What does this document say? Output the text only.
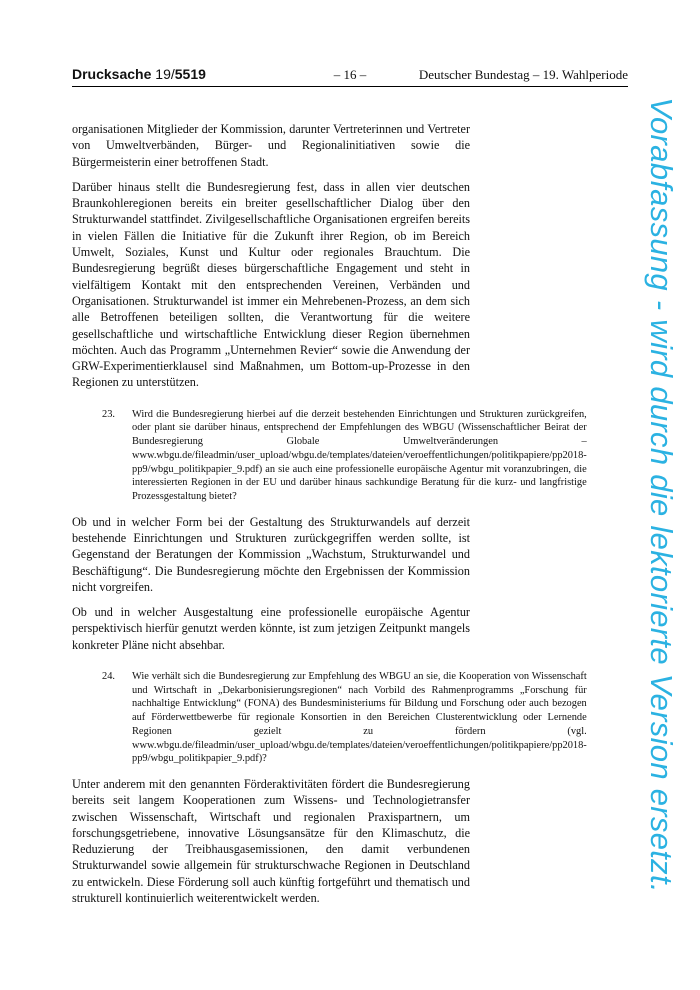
Drucksache 19/5519	– 16 –	Deutscher Bundestag – 19. Wahlperiode

organisationen Mitglieder der Kommission, darunter Vertreterinnen und Vertreter von Umweltverbänden, Bürger- und Regionalinitiativen sowie die Bürgermeisterin einer betroffenen Stadt.

Darüber hinaus stellt die Bundesregierung fest, dass in allen vier deutschen Braunkohleregionen bereits ein breiter gesellschaftlicher Dialog über den Strukturwandel stattfindet. Zivilgesellschaftliche Organisationen ergreifen bereits in vielen Fällen die Initiative für die Zukunft ihrer Region, ob im Bereich Umwelt, Soziales, Kunst und Kultur oder regionales Brauchtum. Die Bundesregierung begrüßt dieses bürgerschaftliche Engagement und steht in vielfältigem Kontakt mit den entsprechenden Vereinen, Verbänden und Organisationen. Strukturwandel ist immer ein Mehrebenen-Prozess, an dem sich alle Betroffenen beteiligen sollten, die Verantwortung für die weitere gesellschaftliche und wirtschaftliche Entwicklung dieser Region übernehmen möchten. Auch das Programm „Unternehmen Revier“ sowie die Anwendung der GRW-Experimentierklausel sind Maßnahmen, um Bottom-up-Prozesse in den Regionen zu unterstützen.

23.	Wird die Bundesregierung hierbei auf die derzeit bestehenden Einrichtungen und Strukturen zurückgreifen, oder plant sie darüber hinaus, entsprechend der Empfehlungen des WBGU (Wissenschaftlicher Beirat der Bundesregierung Globale Umweltveränderungen – www.wbgu.de/fileadmin/user_upload/wbgu.de/templates/dateien/veroeffentlichungen/politikpapiere/pp2018-pp9/wbgu_politikpapier_9.pdf) an sie auch eine professionelle europäische Agentur mit voranzubringen, die interessierten Regionen in der EU und darüber hinaus sachkundige Beratung für die kurz- und langfristige Prozessgestaltung bietet?

Ob und in welcher Form bei der Gestaltung des Strukturwandels auf derzeit bestehende Einrichtungen und Strukturen zurückgegriffen werden sollte, ist Gegenstand der Beratungen der Kommission „Wachstum, Strukturwandel und Beschäftigung“. Die Bundesregierung möchte den Ergebnissen der Kommission nicht vorgreifen.

Ob und in welcher Ausgestaltung eine professionelle europäische Agentur perspektivisch hierfür genutzt werden könnte, ist zum jetzigen Zeitpunkt mangels konkreter Pläne nicht absehbar.

24.	Wie verhält sich die Bundesregierung zur Empfehlung des WBGU an sie, die Kooperation von Wissenschaft und Wirtschaft in „Dekarbonisierungsregionen“ nach Vorbild des Rahmenprogramms „Forschung für nachhaltige Entwicklung“ (FONA) des Bundesministeriums für Bildung und Forschung oder auch bezogen auf Förderwettbewerbe für regionale Konsortien in den Bereichen Clusterentwicklung oder Lernende Regionen gezielt zu fördern (vgl. www.wbgu.de/fileadmin/user_upload/wbgu.de/templates/dateien/veroeffentlichungen/politikpapiere/pp2018-pp9/wbgu_politikpapier_9.pdf)?

Unter anderem mit den genannten Förderaktivitäten fördert die Bundesregierung bereits seit langem Kooperationen zum Wissens- und Technologietransfer zwischen Wissenschaft, Wirtschaft und regionalen Praxispartnern, um forschungsgetriebene, innovative Lösungsansätze für den Klimaschutz, die Reduzierung der Treibhausgasemissionen, den damit verbundenen Strukturwandel sowie allgemein für strukturschwache Regionen in Deutschland zu entwickeln. Diese Förderung soll auch künftig fortgeführt und thematisch und strukturell kontinuierlich weiterentwickelt werden.

Vorabfassung - wird durch die lektorierte Version ersetzt.
